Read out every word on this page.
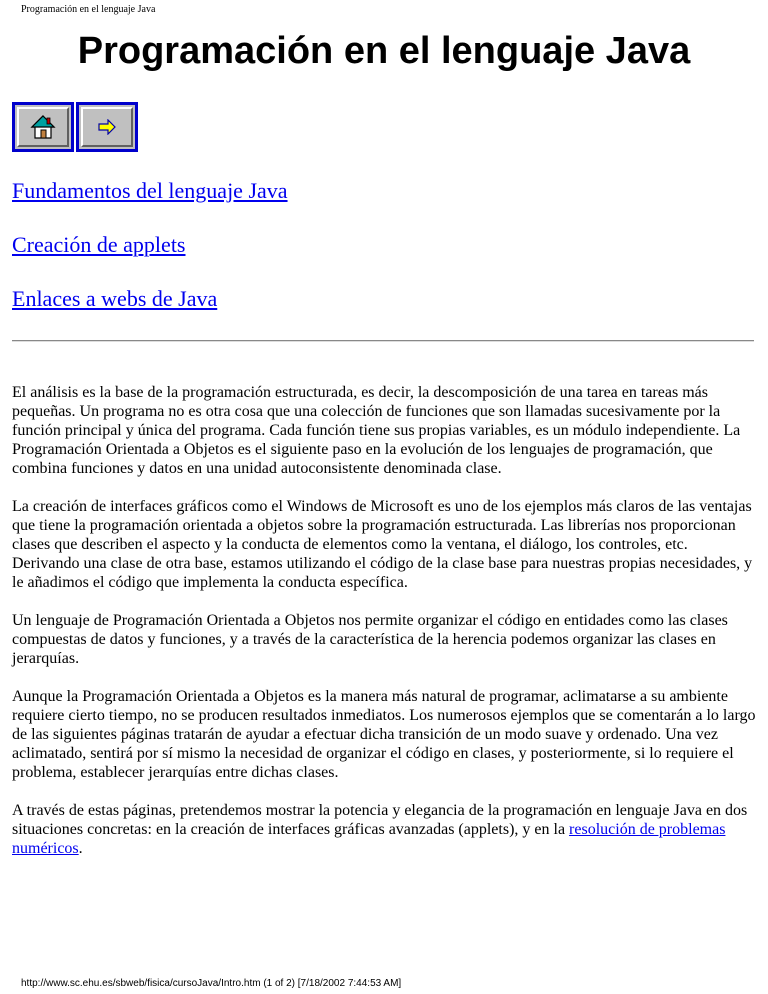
Programación en el lenguaje Java
Programación en el lenguaje Java
Fundamentos del lenguaje Java
Creación de applets
Enlaces a webs de Java

El análisis es la base de la programación estructurada, es decir, la descomposición de una tarea en tareas más pequeñas. Un programa no es otra cosa que una colección de funciones que son llamadas sucesivamente por la función principal y única del programa. Cada función tiene sus propias variables, es un módulo independiente. La Programación Orientada a Objetos es el siguiente paso en la evolución de los lenguajes de programación, que combina funciones y datos en una unidad autoconsistente denominada clase.

La creación de interfaces gráficos como el Windows de Microsoft es uno de los ejemplos más claros de las ventajas que tiene la programación orientada a objetos sobre la programación estructurada. Las librerías nos proporcionan clases que describen el aspecto y la conducta de elementos como la ventana, el diálogo, los controles, etc. Derivando una clase de otra base, estamos utilizando el código de la clase base para nuestras propias necesidades, y le añadimos el código que implementa la conducta específica.

Un lenguaje de Programación Orientada a Objetos nos permite organizar el código en entidades como las clases compuestas de datos y funciones, y a través de la característica de la herencia podemos organizar las clases en jerarquías.

Aunque la Programación Orientada a Objetos es la manera más natural de programar, aclimatarse a su ambiente requiere cierto tiempo, no se producen resultados inmediatos. Los numerosos ejemplos que se comentarán a lo largo de las siguientes páginas tratarán de ayudar a efectuar dicha transición de un modo suave y ordenado. Una vez aclimatado, sentirá por sí mismo la necesidad de organizar el código en clases, y posteriormente, si lo requiere el problema, establecer jerarquías entre dichas clases.

A través de estas páginas, pretendemos mostrar la potencia y elegancia de la programación en lenguaje Java en dos situaciones concretas: en la creación de interfaces gráficas avanzadas (applets), y en la resolución de problemas numéricos.

http://www.sc.ehu.es/sbweb/fisica/cursoJava/Intro.htm (1 of 2) [7/18/2002 7:44:53 AM]
